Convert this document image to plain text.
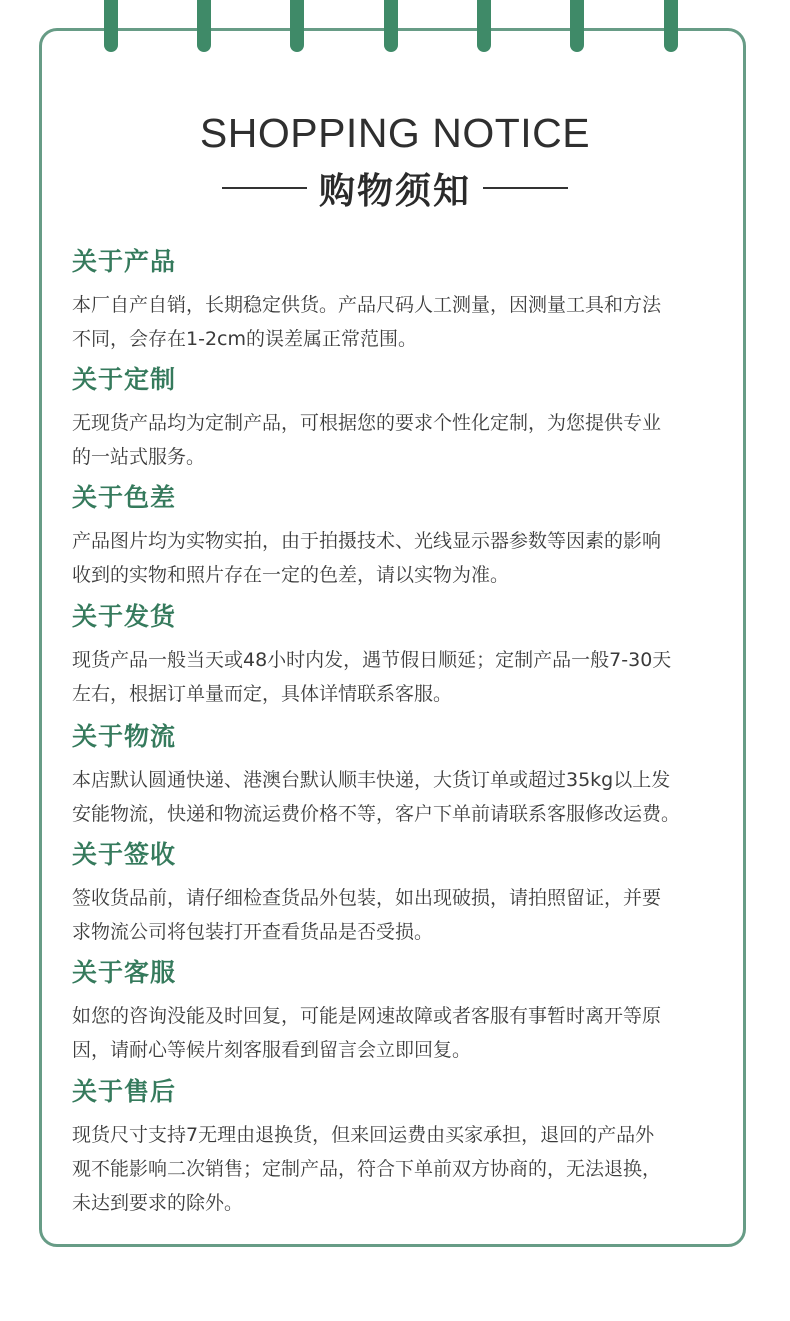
SHOPPING NOTICE
购物须知
关于产品
本厂自产自销，长期稳定供货。产品尺码人工测量，因测量工具和方法
不同，会存在1-2cm的误差属正常范围。
关于定制
无现货产品均为定制产品，可根据您的要求个性化定制，为您提供专业
的一站式服务。
关于色差
产品图片均为实物实拍，由于拍摄技术、光线显示器参数等因素的影响
收到的实物和照片存在一定的色差，请以实物为准。
关于发货
现货产品一般当天或48小时内发，遇节假日顺延；定制产品一般7-30天
左右，根据订单量而定，具体详情联系客服。
关于物流
本店默认圆通快递、港澳台默认顺丰快递，大货订单或超过35kg以上发
安能物流，快递和物流运费价格不等，客户下单前请联系客服修改运费。
关于签收
签收货品前，请仔细检查货品外包装，如出现破损，请拍照留证，并要
求物流公司将包装打开查看货品是否受损。
关于客服
如您的咨询没能及时回复，可能是网速故障或者客服有事暂时离开等原
因，请耐心等候片刻客服看到留言会立即回复。
关于售后
现货尺寸支持7无理由退换货，但来回运费由买家承担，退回的产品外
观不能影响二次销售；定制产品，符合下单前双方协商的，无法退换，
未达到要求的除外。
